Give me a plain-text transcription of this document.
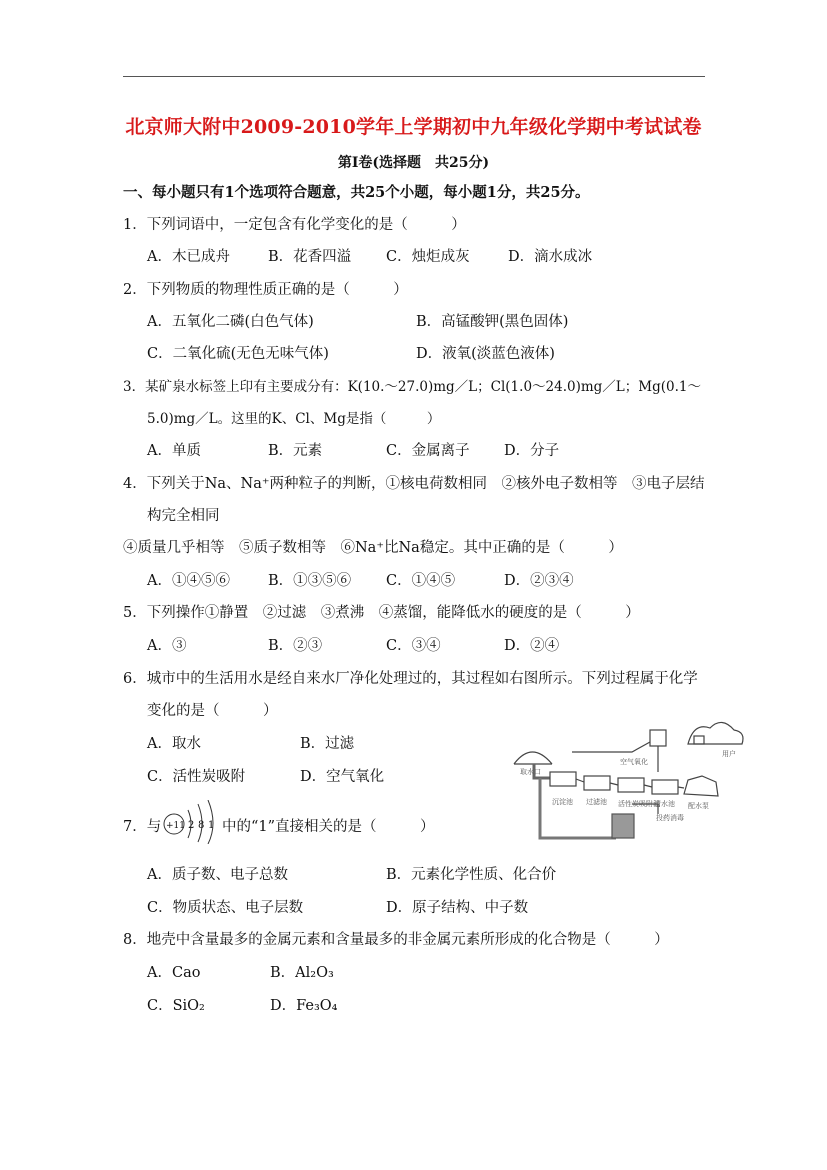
北京师大附中2009-2010学年上学期初中九年级化学期中考试试卷
第Ⅰ卷(选择题　共25分)
一、每小题只有1个选项符合题意，共25个小题，每小题1分，共25分。
1．下列词语中，一定包含有化学变化的是（　　　）
A．木已成舟	B．花香四溢 C．烛炬成灰	D．滴水成冰
2．下列物质的物理性质正确的是（　　　）
A．五氧化二磷(白色气体)	B．高锰酸钾(黑色固体)
C．二氧化硫(无色无味气体)	D．液氧(淡蓝色液体)
3．某矿泉水标签上印有主要成分有：K(10.～27.0)mg／L；Cl(1.0～24.0)mg／L；Mg(0.1～
5.0)mg／L。这里的K、Cl、Mg是指（　　　）
A．单质	B．元素	C．金属离子 D．分子
4．下列关于Na、Na⁺两种粒子的判断，①核电荷数相同　②核外电子数相等　③电子层结
构完全相同
④质量几乎相等　⑤质子数相等　⑥Na⁺比Na稳定。其中正确的是（　　　）
A．①④⑤⑥	B．①③⑤⑥ C．①④⑤	D．②③④
5．下列操作①静置　②过滤　③煮沸　④蒸馏，能降低水的硬度的是（　　　）
A．③	B．②③	C．③④	D．②④
6．城市中的生活用水是经自来水厂净化处理过的，其过程如右图所示。下列过程属于化学
变化的是（　　　）
A．取水	B．过滤
C．活性炭吸附	D．空气氧化	取水口
沉淀池 过滤池 活性炭吸附池
清水池 配水泵
投药消毒
空气氧化
用户
7．与 +11 2 8 1 中的“1”直接相关的是（　　　）
A．质子数、电子总数	B．元素化学性质、化合价
C．物质状态、电子层数	D．原子结构、中子数
8．地壳中含量最多的金属元素和含量最多的非金属元素所形成的化合物是（　　　）
A．Cao	B．Al₂O₃
C．SiO₂	D．Fe₃O₄
